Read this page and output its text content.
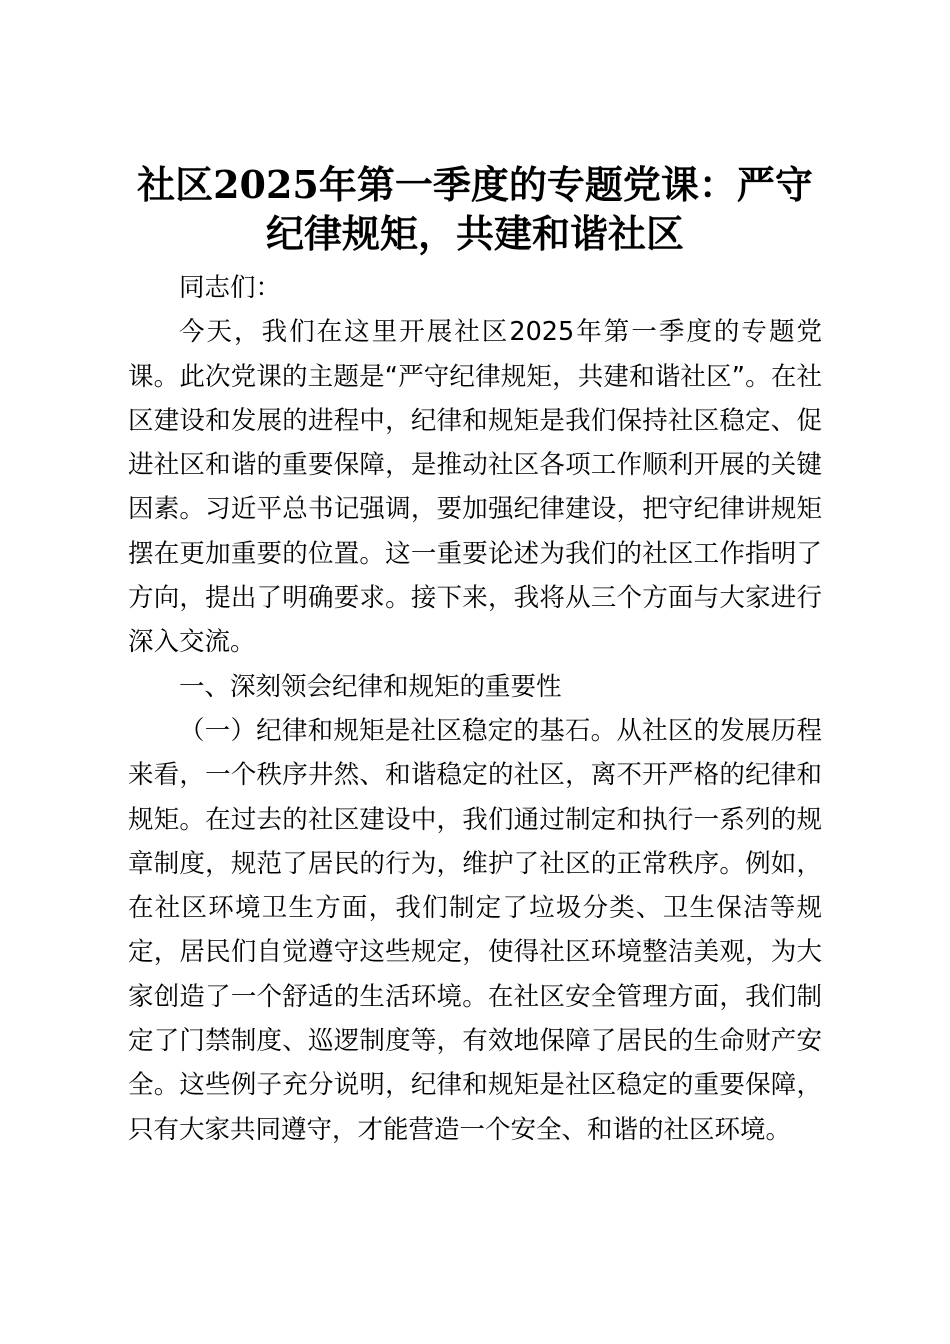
社区2025年第一季度的专题党课：严守纪律规矩，共建和谐社区

同志们：

今天，我们在这里开展社区2025年第一季度的专题党课。此次党课的主题是“严守纪律规矩，共建和谐社区”。在社区建设和发展的进程中，纪律和规矩是我们保持社区稳定、促进社区和谐的重要保障，是推动社区各项工作顺利开展的关键因素。习近平总书记强调，要加强纪律建设，把守纪律讲规矩摆在更加重要的位置。这一重要论述为我们的社区工作指明了方向，提出了明确要求。接下来，我将从三个方面与大家进行深入交流。

一、深刻领会纪律和规矩的重要性

（一）纪律和规矩是社区稳定的基石。从社区的发展历程来看，一个秩序井然、和谐稳定的社区，离不开严格的纪律和规矩。在过去的社区建设中，我们通过制定和执行一系列的规章制度，规范了居民的行为，维护了社区的正常秩序。例如，在社区环境卫生方面，我们制定了垃圾分类、卫生保洁等规定，居民们自觉遵守这些规定，使得社区环境整洁美观，为大家创造了一个舒适的生活环境。在社区安全管理方面，我们制定了门禁制度、巡逻制度等，有效地保障了居民的生命财产安全。这些例子充分说明，纪律和规矩是社区稳定的重要保障，只有大家共同遵守，才能营造一个安全、和谐的社区环境。
